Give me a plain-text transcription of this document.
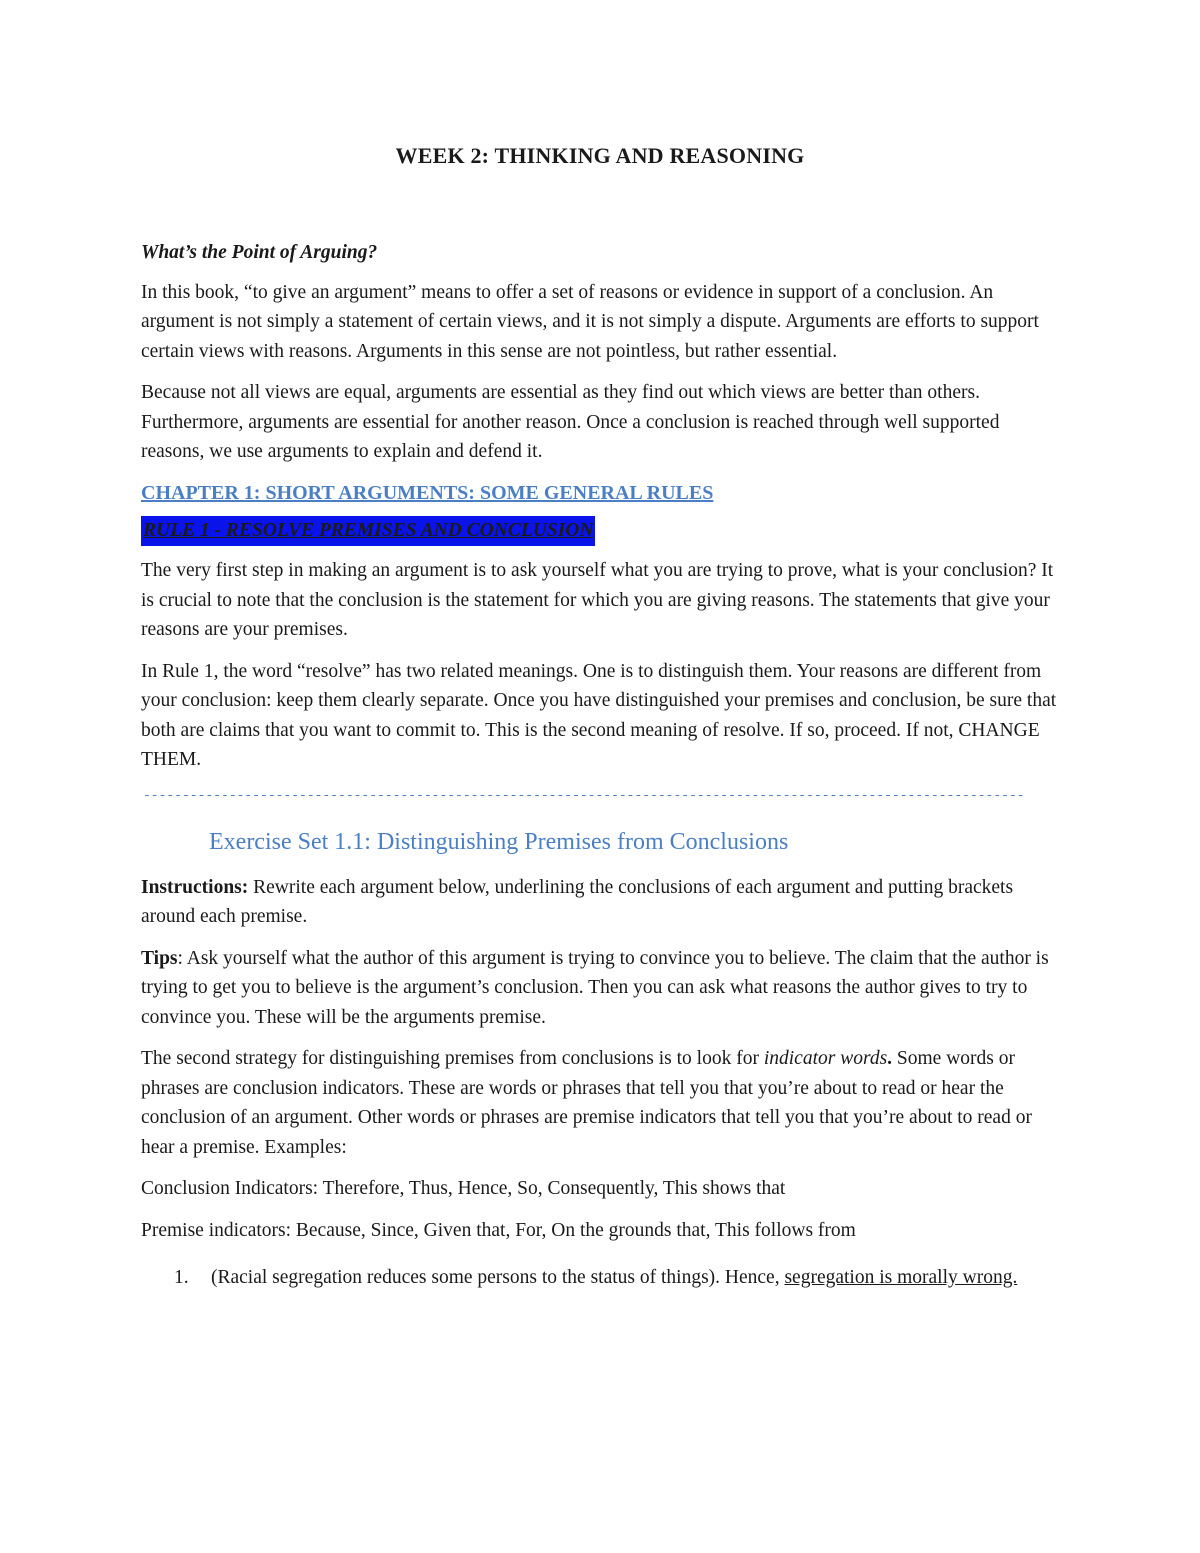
WEEK 2: THINKING AND REASONING

What’s the Point of Arguing?

In this book, “to give an argument” means to offer a set of reasons or evidence in support of a conclusion. An argument is not simply a statement of certain views, and it is not simply a dispute. Arguments are efforts to support certain views with reasons. Arguments in this sense are not pointless, but rather essential.

Because not all views are equal, arguments are essential as they find out which views are better than others. Furthermore, arguments are essential for another reason. Once a conclusion is reached through well supported reasons, we use arguments to explain and defend it.

CHAPTER 1: SHORT ARGUMENTS: SOME GENERAL RULES

RULE 1 - RESOLVE PREMISES AND CONCLUSION

The very first step in making an argument is to ask yourself what you are trying to prove, what is your conclusion? It is crucial to note that the conclusion is the statement for which you are giving reasons. The statements that give your reasons are your premises.

In Rule 1, the word “resolve” has two related meanings. One is to distinguish them. Your reasons are different from your conclusion: keep them clearly separate. Once you have distinguished your premises and conclusion, be sure that both are claims that you want to commit to. This is the second meaning of resolve. If so, proceed. If not, CHANGE THEM.

-----------------------------------------------------------------------------------------------------------------

Exercise Set 1.1: Distinguishing Premises from Conclusions

Instructions: Rewrite each argument below, underlining the conclusions of each argument and putting brackets around each premise.

Tips: Ask yourself what the author of this argument is trying to convince you to believe. The claim that the author is trying to get you to believe is the argument’s conclusion. Then you can ask what reasons the author gives to try to convince you. These will be the arguments premise.

The second strategy for distinguishing premises from conclusions is to look for indicator words. Some words or phrases are conclusion indicators. These are words or phrases that tell you that you’re about to read or hear the conclusion of an argument. Other words or phrases are premise indicators that tell you that you’re about to read or hear a premise. Examples:

Conclusion Indicators: Therefore, Thus, Hence, So, Consequently, This shows that

Premise indicators: Because, Since, Given that, For, On the grounds that, This follows from

1. (Racial segregation reduces some persons to the status of things). Hence, segregation is morally wrong.
